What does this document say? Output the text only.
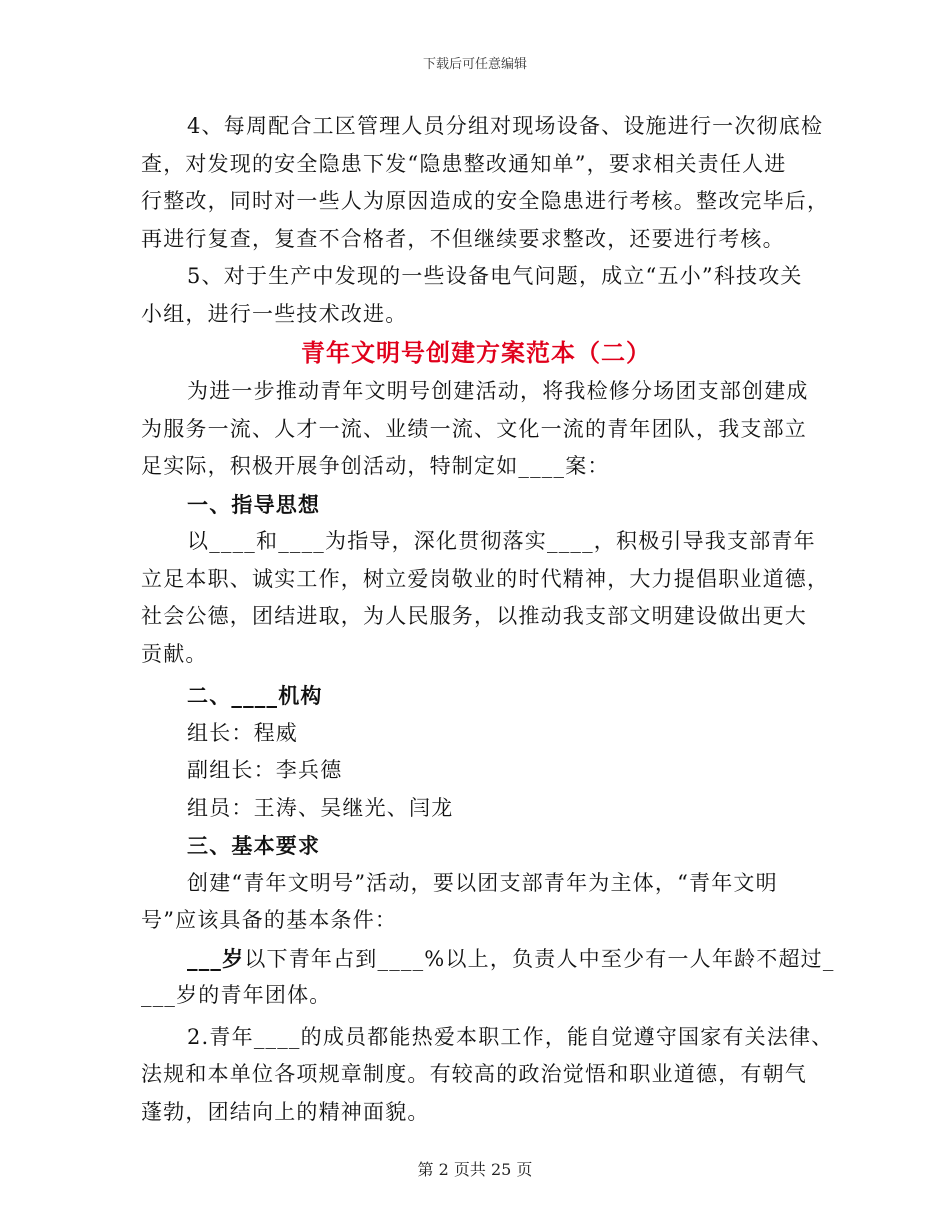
下载后可任意编辑
4、每周配合工区管理人员分组对现场设备、设施进行一次彻底检
查，对发现的安全隐患下发“隐患整改通知单”，要求相关责任人进
行整改，同时对一些人为原因造成的安全隐患进行考核。整改完毕后，
再进行复查，复查不合格者，不但继续要求整改，还要进行考核。
5、对于生产中发现的一些设备电气问题，成立“五小”科技攻关
小组，进行一些技术改进。
青年文明号创建方案范本（二）
为进一步推动青年文明号创建活动，将我检修分场团支部创建成
为服务一流、人才一流、业绩一流、文化一流的青年团队，我支部立
足实际，积极开展争创活动，特制定如____案：
一、指导思想
以____和____为指导，深化贯彻落实____，积极引导我支部青年
立足本职、诚实工作，树立爱岗敬业的时代精神，大力提倡职业道德，
社会公德，团结进取，为人民服务，以推动我支部文明建设做出更大
贡献。
二、____机构
组长：程威
副组长：李兵德
组员：王涛、吴继光、闫龙
三、基本要求
创建“青年文明号”活动，要以团支部青年为主体，“青年文明
号”应该具备的基本条件：
___岁以下青年占到____%以上，负责人中至少有一人年龄不超过_
___岁的青年团体。
2.青年____的成员都能热爱本职工作，能自觉遵守国家有关法律、
法规和本单位各项规章制度。有较高的政治觉悟和职业道德，有朝气
蓬勃，团结向上的精神面貌。
第 2 页共 25 页
